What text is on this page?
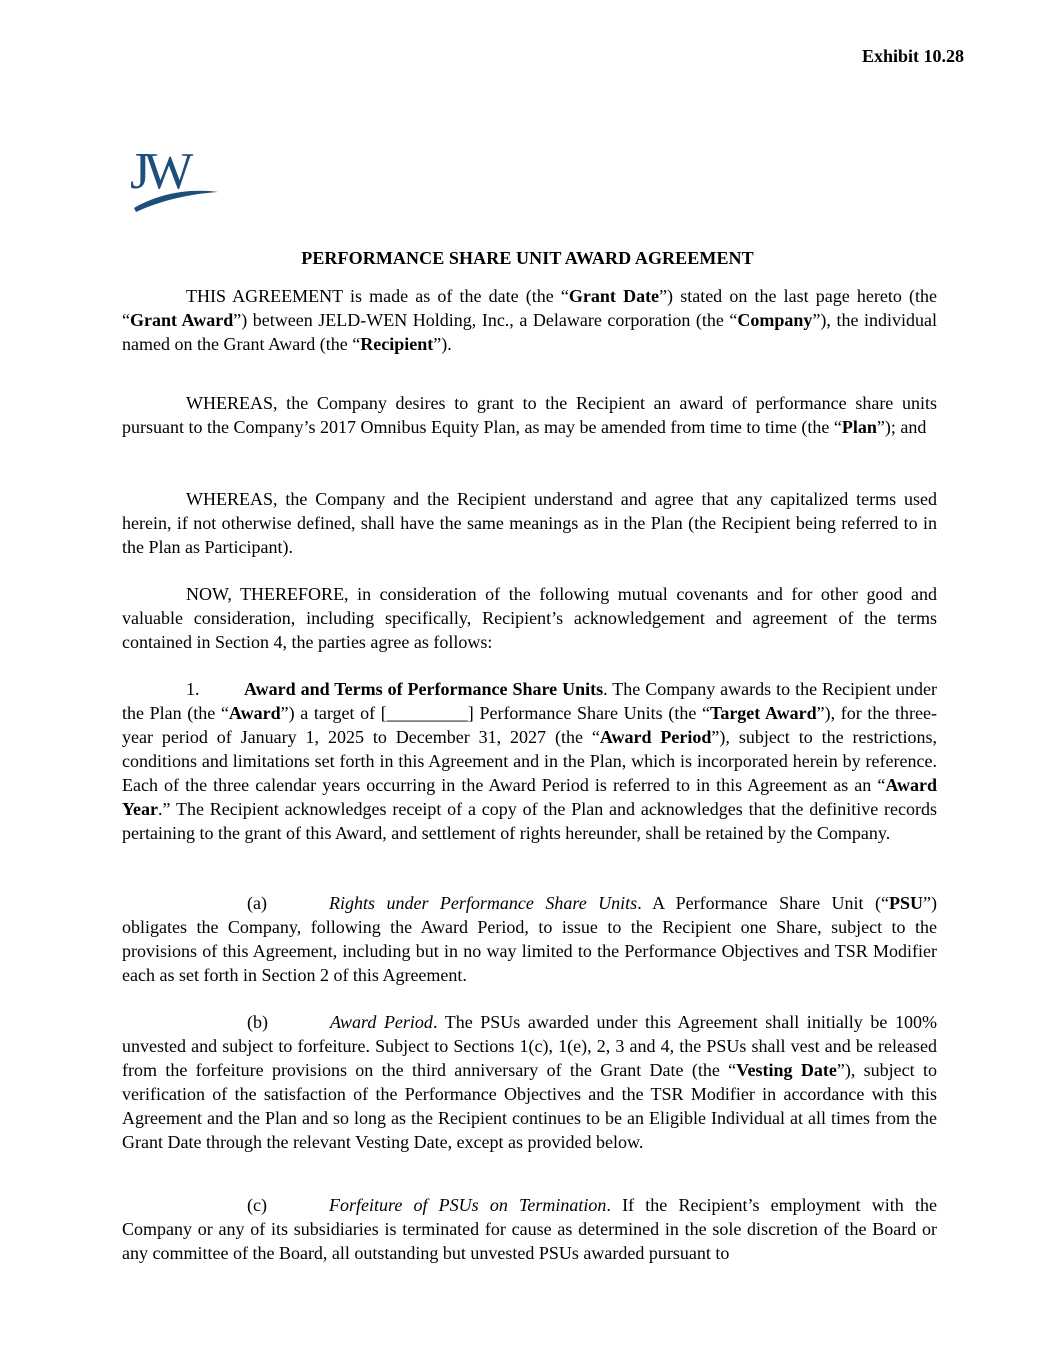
Exhibit 10.28
JW
PERFORMANCE SHARE UNIT AWARD AGREEMENT

THIS AGREEMENT is made as of the date (the “Grant Date”) stated on the last page hereto (the “Grant Award”) between JELD-WEN Holding, Inc., a Delaware corporation (the “Company”), the individual named on the Grant Award (the “Recipient”).

WHEREAS, the Company desires to grant to the Recipient an award of performance share units pursuant to the Company’s 2017 Omnibus Equity Plan, as may be amended from time to time (the “Plan”); and

WHEREAS, the Company and the Recipient understand and agree that any capitalized terms used herein, if not otherwise defined, shall have the same meanings as in the Plan (the Recipient being referred to in the Plan as Participant).

NOW, THEREFORE, in consideration of the following mutual covenants and for other good and valuable consideration, including specifically, Recipient’s acknowledgement and agreement of the terms contained in Section 4, the parties agree as follows:

1. Award and Terms of Performance Share Units. The Company awards to the Recipient under the Plan (the “Award”) a target of [_________] Performance Share Units (the “Target Award”), for the three-year period of January 1, 2025 to December 31, 2027 (the “Award Period”), subject to the restrictions, conditions and limitations set forth in this Agreement and in the Plan, which is incorporated herein by reference. Each of the three calendar years occurring in the Award Period is referred to in this Agreement as an “Award Year.” The Recipient acknowledges receipt of a copy of the Plan and acknowledges that the definitive records pertaining to the grant of this Award, and settlement of rights hereunder, shall be retained by the Company.

(a)	Rights under Performance Share Units. A Performance Share Unit (“PSU”) obligates the Company, following the Award Period, to issue to the Recipient one Share, subject to the provisions of this Agreement, including but in no way limited to the Performance Objectives and TSR Modifier each as set forth in Section 2 of this Agreement.

(b)	Award Period. The PSUs awarded under this Agreement shall initially be 100% unvested and subject to forfeiture. Subject to Sections 1(c), 1(e), 2, 3 and 4, the PSUs shall vest and be released from the forfeiture provisions on the third anniversary of the Grant Date (the “Vesting Date”), subject to verification of the satisfaction of the Performance Objectives and the TSR Modifier in accordance with this Agreement and the Plan and so long as the Recipient continues to be an Eligible Individual at all times from the Grant Date through the relevant Vesting Date, except as provided below.

(c)	Forfeiture of PSUs on Termination. If the Recipient’s employment with the Company or any of its subsidiaries is terminated for cause as determined in the sole discretion of the Board or any committee of the Board, all outstanding but unvested PSUs awarded pursuant to
